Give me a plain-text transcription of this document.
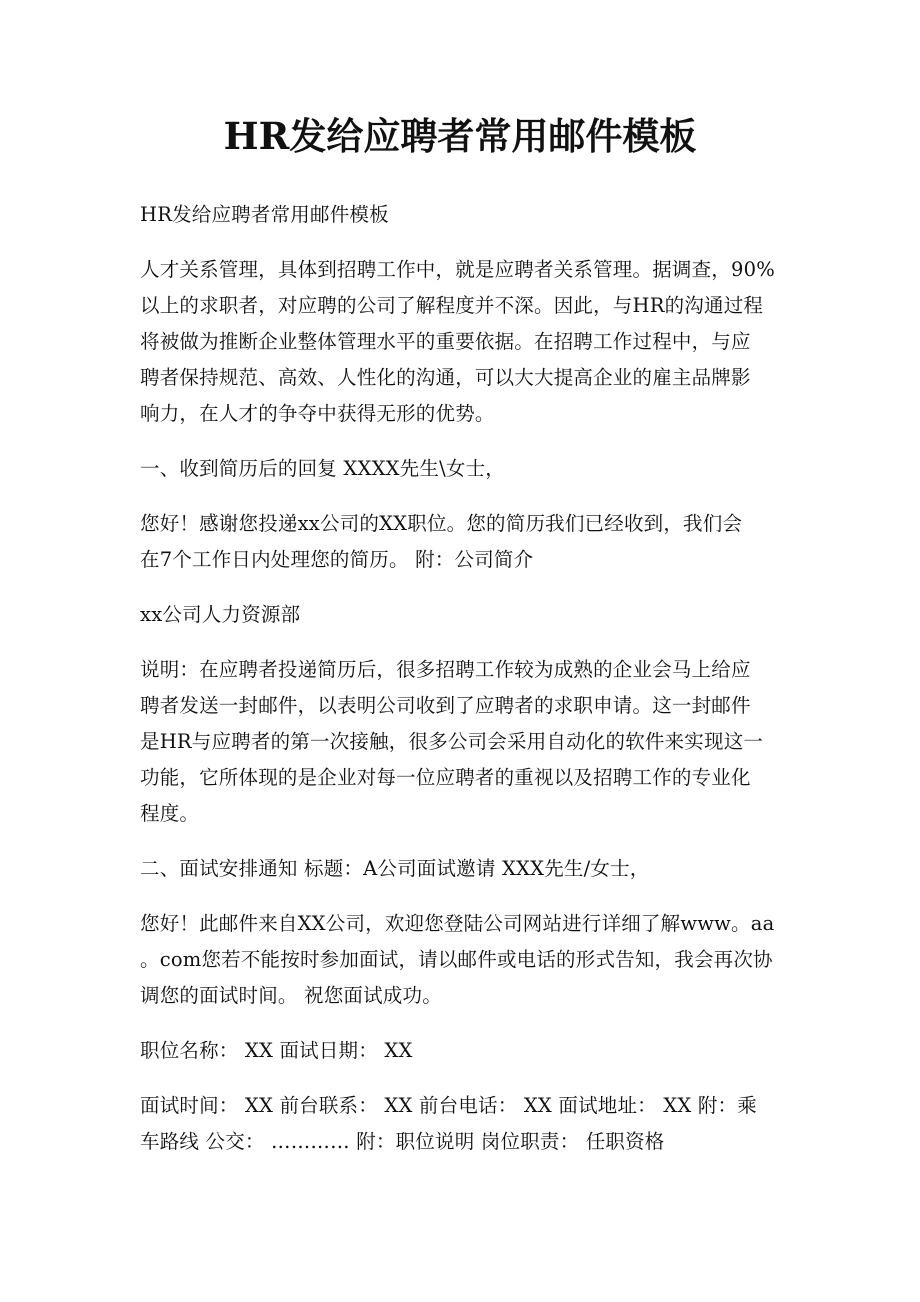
HR发给应聘者常用邮件模板

HR发给应聘者常用邮件模板

人才关系管理，具体到招聘工作中，就是应聘者关系管理。据调查，90%
以上的求职者，对应聘的公司了解程度并不深。因此，与HR的沟通过程
将被做为推断企业整体管理水平的重要依据。在招聘工作过程中，与应
聘者保持规范、高效、人性化的沟通，可以大大提高企业的雇主品牌影
响力，在人才的争夺中获得无形的优势。

一、收到简历后的回复 XXXX先生\女士，

您好！感谢您投递xx公司的XX职位。您的简历我们已经收到，我们会
在7个工作日内处理您的简历。 附：公司简介

xx公司人力资源部

说明：在应聘者投递简历后，很多招聘工作较为成熟的企业会马上给应
聘者发送一封邮件，以表明公司收到了应聘者的求职申请。这一封邮件
是HR与应聘者的第一次接触，很多公司会采用自动化的软件来实现这一
功能，它所体现的是企业对每一位应聘者的重视以及招聘工作的专业化
程度。

二、面试安排通知 标题：A公司面试邀请 XXX先生/女士，

您好！此邮件来自XX公司，欢迎您登陆公司网站进行详细了解www。aa
。com您若不能按时参加面试，请以邮件或电话的形式告知，我会再次协
调您的面试时间。 祝您面试成功。

职位名称： XX 面试日期： XX

面试时间： XX 前台联系： XX 前台电话： XX 面试地址： XX 附：乘
车路线 公交： ………… 附：职位说明 岗位职责： 任职资格
